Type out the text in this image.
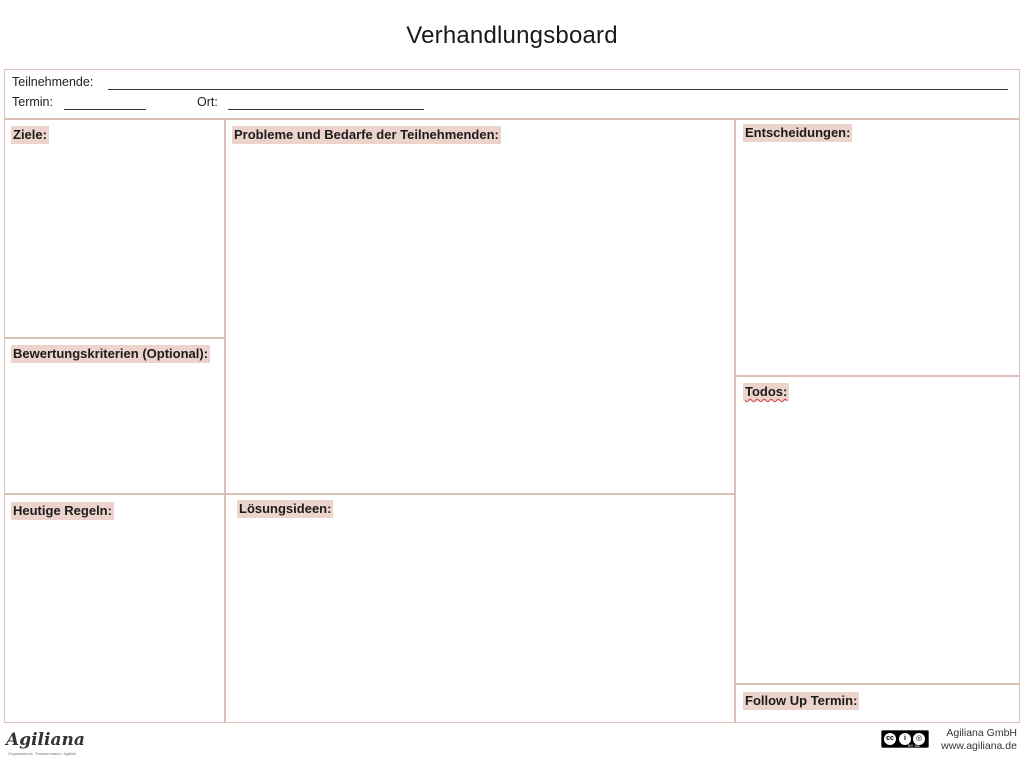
Verhandlungsboard
Teilnehmende:
Termin:	Ort:
Ziele:	Probleme und Bedarfe der Teilnehmenden:	Entscheidungen:
Bewertungskriterien (Optional):
Todos:
Heutige Regeln:	Lösungsideen:
Follow Up Termin:
Agiliana
Organisations. Transformation. Agilität.
cc	i	◎
BY SA
Agiliana GmbH
www.agiliana.de
